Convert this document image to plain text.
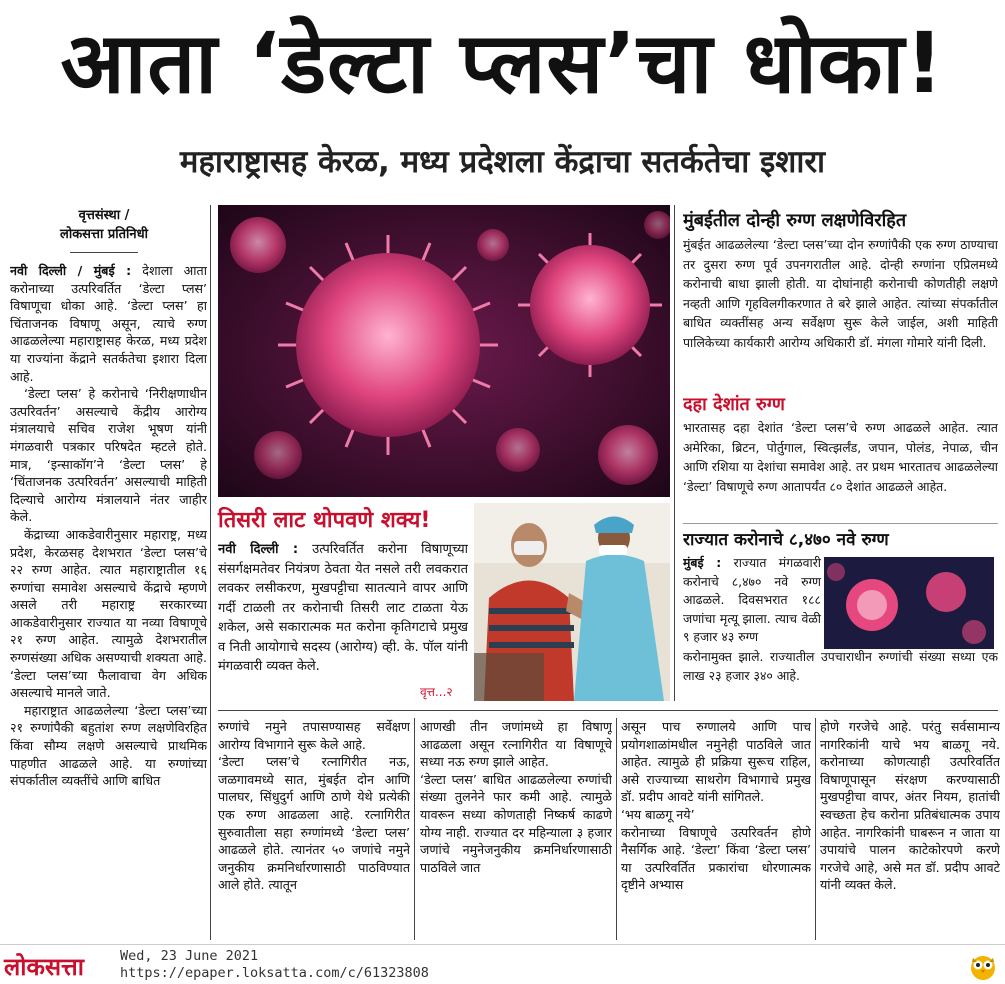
आता ‘डेल्टा प्लस’चा धोका!
महाराष्ट्रासह केरळ, मध्य प्रदेशला केंद्राचा सतर्कतेचा इशारा
वृत्तसंस्था /
लोकसत्ता प्रतिनिधी

नवी दिल्ली / मुंबई : देशाला आता करोनाच्या उत्परिवर्तित ‘डेल्टा प्लस’ विषाणूचा धोका आहे. ‘डेल्टा प्लस’ हा चिंताजनक विषाणू असून, त्याचे रुग्ण आढळलेल्या महाराष्ट्रासह केरळ, मध्य प्रदेश या राज्यांना केंद्राने सतर्कतेचा इशारा दिला आहे.

‘डेल्टा प्लस’ हे करोनाचे ‘निरीक्षणाधीन उत्परिवर्तन’ असल्याचे केंद्रीय आरोग्य मंत्रालयाचे सचिव राजेश भूषण यांनी मंगळवारी पत्रकार परिषदेत म्हटले होते. मात्र, ‘इन्साकॉग’ने ‘डेल्टा प्लस’ हे ‘चिंताजनक उत्परिवर्तन’ असल्याची माहिती दिल्याचे आरोग्य मंत्रालयाने नंतर जाहीर केले.

केंद्राच्या आकडेवारीनुसार महाराष्ट्र, मध्य प्रदेश, केरळसह देशभरात ‘डेल्टा प्लस’चे २२ रुग्ण आहेत. त्यात महाराष्ट्रातील १६ रुग्णांचा समावेश असल्याचे केंद्राचे म्हणणे असले तरी महाराष्ट्र सरकारच्या आकडेवारीनुसार राज्यात या नव्या विषाणूचे २१ रुग्ण आहेत. त्यामुळे देशभरातील रुग्णसंख्या अधिक असण्याची शक्यता आहे. ‘डेल्टा प्लस’च्या फैलावाचा वेग अधिक असल्याचे मानले जाते.

महाराष्ट्रात आढळलेल्या ‘डेल्टा प्लस’च्या २१ रुग्णांपैकी बहुतांश रुग्ण लक्षणेविरहित किंवा सौम्य लक्षणे असल्याचे प्राथमिक पाहणीत आढळले आहे. या रुग्णांच्या संपर्कातील व्यक्तींचे आणि बाधित

तिसरी लाट थोपवणे शक्य!

नवी दिल्ली : उत्परिवर्तित करोना विषाणूच्या संसर्गक्षमतेवर नियंत्रण ठेवता येत नसले तरी लवकरात लवकर लसीकरण, मुखपट्टीचा सातत्याने वापर आणि गर्दी टाळली तर करोनाची तिसरी लाट टाळता येऊ शकेल, असे सकारात्मक मत करोना कृतिगटाचे प्रमुख व निती आयोगाचे सदस्य (आरोग्य) व्ही. के. पॉल यांनी मंगळवारी व्यक्त केले.

वृत्त...२
मुंबईतील दोन्ही रुग्ण लक्षणेविरहित
मुंबईत आढळलेल्या ‘डेल्टा प्लस’च्या दोन रुग्णांपैकी एक रुग्ण ठाण्याचा तर दुसरा रुग्ण पूर्व उपनगरातील आहे. दोन्ही रुग्णांना एप्रिलमध्ये करोनाची बाधा झाली होती. या दोघांनाही करोनाची कोणतीही लक्षणे नव्हती आणि गृहविलगीकरणात ते बरे झाले आहेत. त्यांच्या संपर्कातील बाधित व्यक्तींसह अन्य सर्वेक्षण सुरू केले जाईल, अशी माहिती पालिकेच्या कार्यकारी आरोग्य अधिकारी डॉ. मंगला गोमारे यांनी दिली.
दहा देशांत रुग्ण
भारतासह दहा देशांत ‘डेल्टा प्लस’चे रुग्ण आढळले आहेत. त्यात अमेरिका, ब्रिटन, पोर्तुगाल, स्वित्झर्लंड, जपान, पोलंड, नेपाळ, चीन आणि रशिया या देशांचा समावेश आहे. तर प्रथम भारतातच आढळलेल्या ‘डेल्टा’ विषाणूचे रुग्ण आतापर्यंत ८० देशांत आढळले आहेत.
राज्यात करोनाचे ८,४७० नवे रुग्ण
मुंबई : राज्यात मंगळवारी करोनाचे ८,४७० नवे रुग्ण आढळले. दिवसभरात १८८ जणांचा मृत्यू झाला. त्याच वेळी ९ हजार ४३ रुग्ण
करोनामुक्त झाले. राज्यातील उपचाराधीन रुग्णांची संख्या सध्या एक लाख २३ हजार ३४० आहे.
रुग्णांचे नमुने तपासण्यासह सर्वेक्षण आरोग्य विभागाने सुरू केले आहे.
‘डेल्टा प्लस’चे रत्नागिरीत नऊ, जळगावमध्ये सात, मुंबईत दोन आणि पालघर, सिंधुदुर्ग आणि ठाणे येथे प्रत्येकी एक रुग्ण आढळला आहे. रत्नागिरीत सुरुवातीला सहा रुग्णांमध्ये ‘डेल्टा प्लस’ आढळले होते. त्यानंतर ५० जणांचे नमुने जनुकीय क्रमनिर्धारणासाठी पाठविण्यात आले होते. त्यातून
आणखी तीन जणांमध्ये हा विषाणू आढळला असून रत्नागिरीत या विषाणूचे सध्या नऊ रुग्ण झाले आहेत.
‘डेल्टा प्लस’ बाधित आढळलेल्या रुग्णांची संख्या तुलनेने फार कमी आहे. त्यामुळे यावरून सध्या कोणताही निष्कर्ष काढणे योग्य नाही. राज्यात दर महिन्याला ३ हजार जणांचे नमुनेजनुकीय क्रमनिर्धारणासाठी पाठविले जात
असून पाच रुग्णालये आणि पाच प्रयोगशाळांमधील नमुनेही पाठविले जात आहेत. त्यामुळे ही प्रक्रिया सुरूच राहिल, असे राज्याच्या साथरोग विभागाचे प्रमुख डॉ. प्रदीप आवटे यांनी सांगितले.
‘भय बाळगू नये’
करोनाच्या विषाणूचे उत्परिवर्तन होणे नैसर्गिक आहे. ‘डेल्टा’ किंवा ‘डेल्टा प्लस’ या उत्परिवर्तित प्रकारांचा धोरणात्मक दृष्टीने अभ्यास
होणे गरजेचे आहे. परंतु सर्वसामान्य नागरिकांनी याचे भय बाळगू नये. करोनाच्या कोणत्याही उत्परिवर्तित विषाणूपासून संरक्षण करण्यासाठी मुखपट्टीचा वापर, अंतर नियम, हातांची स्वच्छता हेच करोना प्रतिबंधात्मक उपाय आहेत. नागरिकांनी घाबरून न जाता या उपायांचे पालन काटेकोरपणे करणे गरजेचे आहे, असे मत डॉ. प्रदीप आवटे यांनी व्यक्त केले.
लोकसत्ता	Wed, 23 June 2021
https://epaper.loksatta.com/c/61323808
